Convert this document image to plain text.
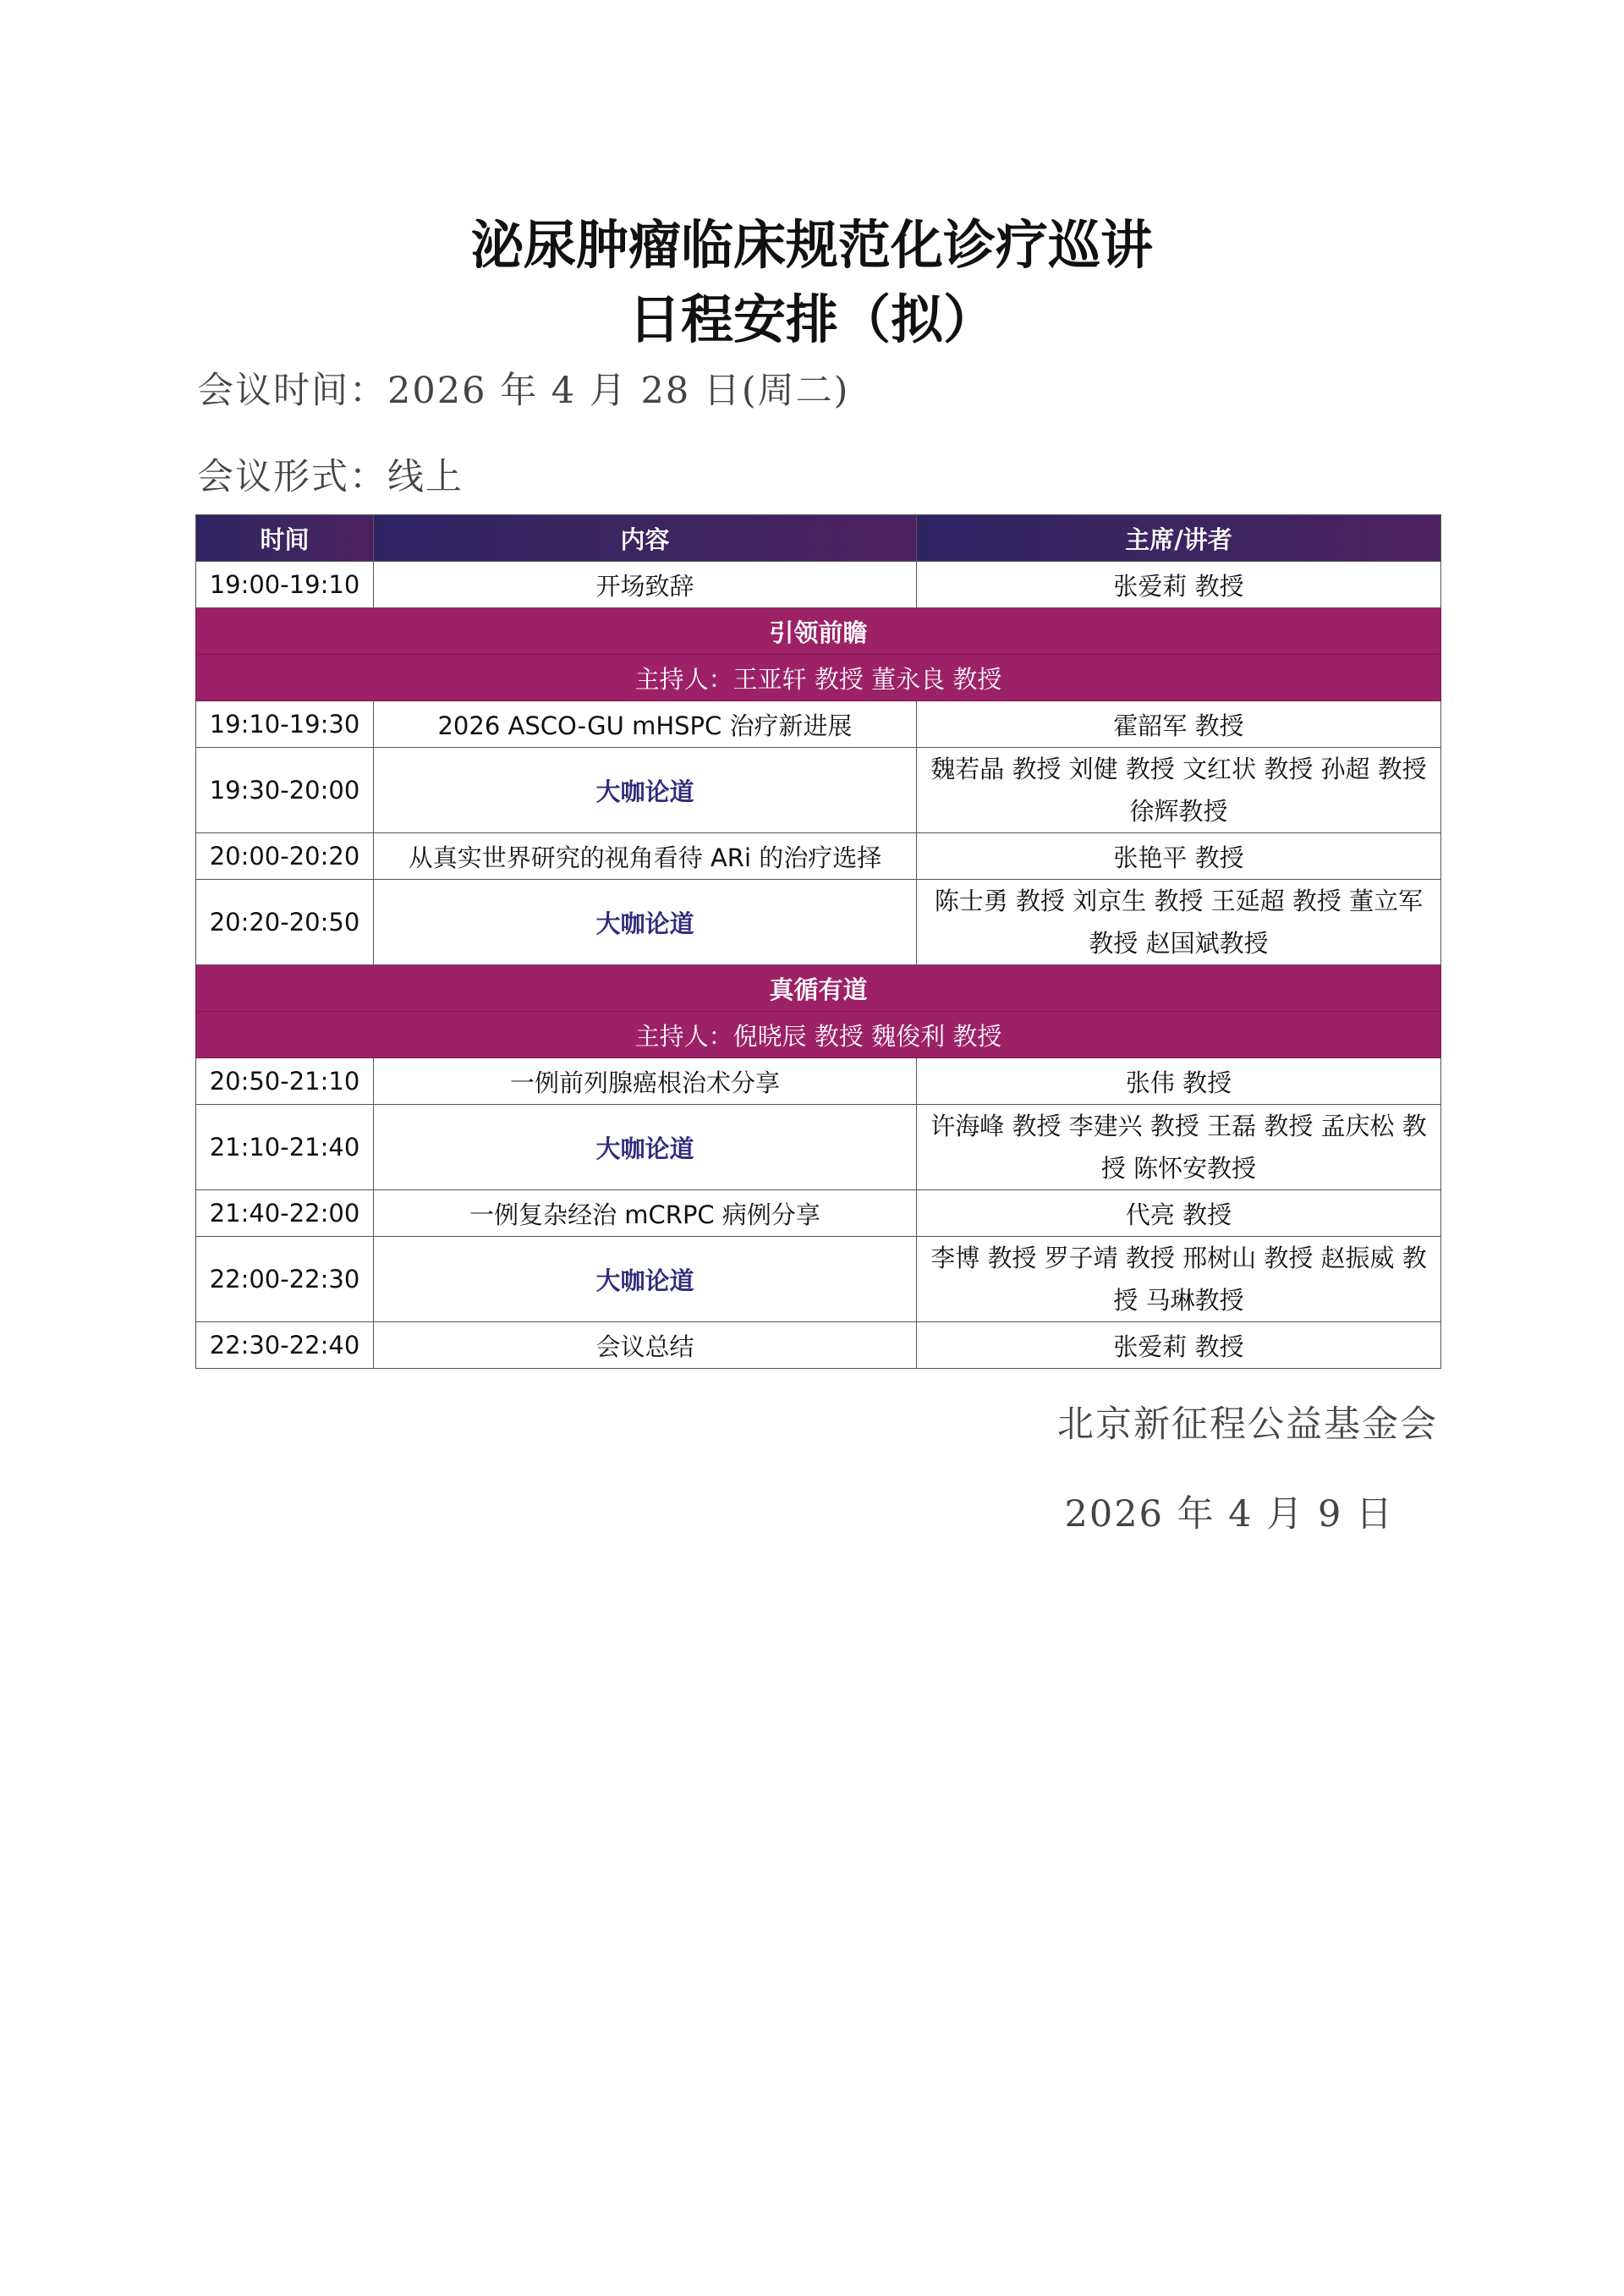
泌尿肿瘤临床规范化诊疗巡讲
日程安排（拟）
会议时间：2026 年 4 月 28 日(周二)
会议形式：线上
时间	内容	主席/讲者
19:00-19:10	开场致辞	张爱莉 教授
引领前瞻		
主持人：王亚轩 教授 董永良 教授		
19:10-19:30	2026 ASCO-GU mHSPC 治疗新进展	霍韶军 教授
19:30-20:00	大咖论道	魏若晶 教授 刘健 教授 文红状 教授 孙超 教授 徐辉教授
20:00-20:20	从真实世界研究的视角看待 ARi 的治疗选择	张艳平 教授
20:20-20:50	大咖论道	陈士勇 教授 刘京生 教授 王延超 教授 董立军 教授 赵国斌教授
真循有道		
主持人：倪晓辰 教授 魏俊利 教授		
20:50-21:10	一例前列腺癌根治术分享	张伟 教授
21:10-21:40	大咖论道	许海峰 教授 李建兴 教授 王磊 教授 孟庆松 教授 陈怀安教授
21:40-22:00	一例复杂经治 mCRPC 病例分享	代亮 教授
22:00-22:30	大咖论道	李博 教授 罗子靖 教授 邢树山 教授 赵振威 教授 马琳教授
22:30-22:40	会议总结	张爱莉 教授
北京新征程公益基金会
2026 年 4 月 9 日
